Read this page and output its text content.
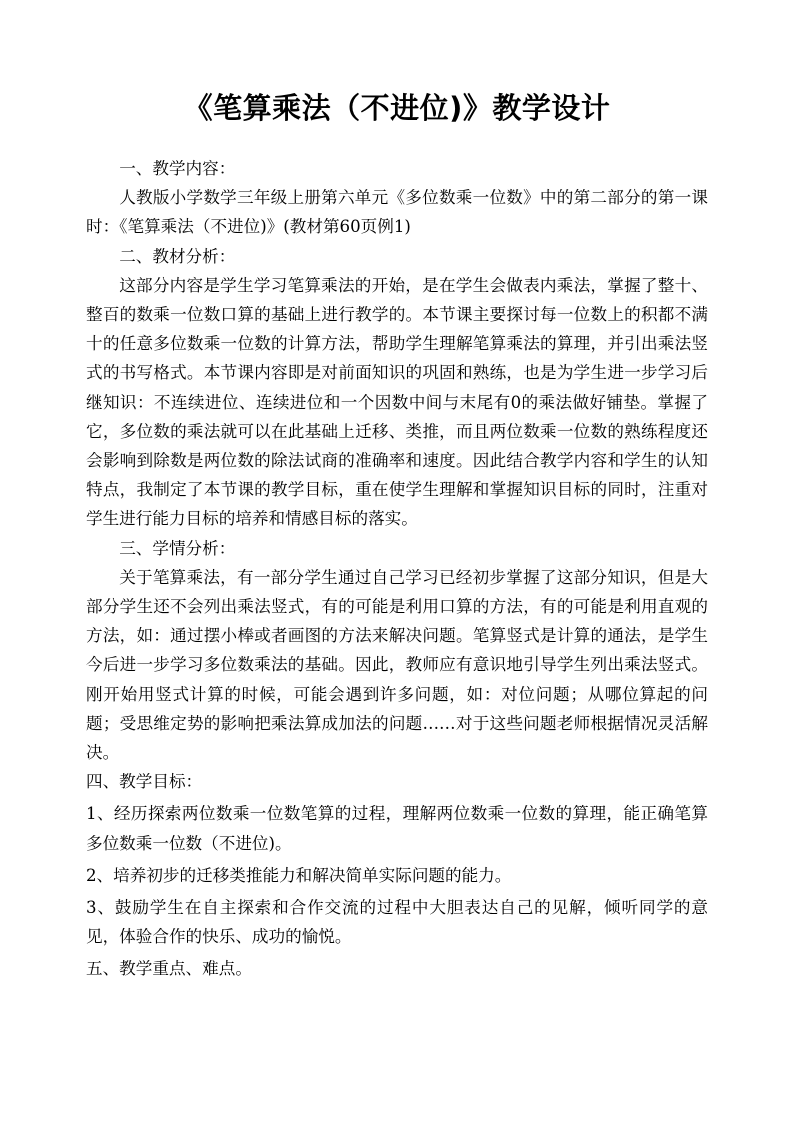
《笔算乘法（不进位)》教学设计

一、教学内容：

人教版小学数学三年级上册第六单元《多位数乘一位数》中的第二部分的第一课时：《笔算乘法（不进位)》(教材第60页例1)

二、教材分析：

这部分内容是学生学习笔算乘法的开始，是在学生会做表内乘法，掌握了整十、整百的数乘一位数口算的基础上进行教学的。本节课主要探讨每一位数上的积都不满十的任意多位数乘一位数的计算方法，帮助学生理解笔算乘法的算理，并引出乘法竖式的书写格式。本节课内容即是对前面知识的巩固和熟练，也是为学生进一步学习后继知识：不连续进位、连续进位和一个因数中间与末尾有0的乘法做好铺垫。掌握了它，多位数的乘法就可以在此基础上迁移、类推，而且两位数乘一位数的熟练程度还会影响到除数是两位数的除法试商的准确率和速度。因此结合教学内容和学生的认知特点，我制定了本节课的教学目标，重在使学生理解和掌握知识目标的同时，注重对学生进行能力目标的培养和情感目标的落实。

三、学情分析：

关于笔算乘法，有一部分学生通过自己学习已经初步掌握了这部分知识，但是大部分学生还不会列出乘法竖式，有的可能是利用口算的方法，有的可能是利用直观的方法，如：通过摆小棒或者画图的方法来解决问题。笔算竖式是计算的通法，是学生今后进一步学习多位数乘法的基础。因此，教师应有意识地引导学生列出乘法竖式。刚开始用竖式计算的时候，可能会遇到许多问题，如：对位问题；从哪位算起的问题；受思维定势的影响把乘法算成加法的问题……对于这些问题老师根据情况灵活解决。

四、教学目标：

1、经历探索两位数乘一位数笔算的过程，理解两位数乘一位数的算理，能正确笔算多位数乘一位数（不进位)。

2、培养初步的迁移类推能力和解决简单实际问题的能力。

3、鼓励学生在自主探索和合作交流的过程中大胆表达自己的见解，倾听同学的意见，体验合作的快乐、成功的愉悦。

五、教学重点、难点。
